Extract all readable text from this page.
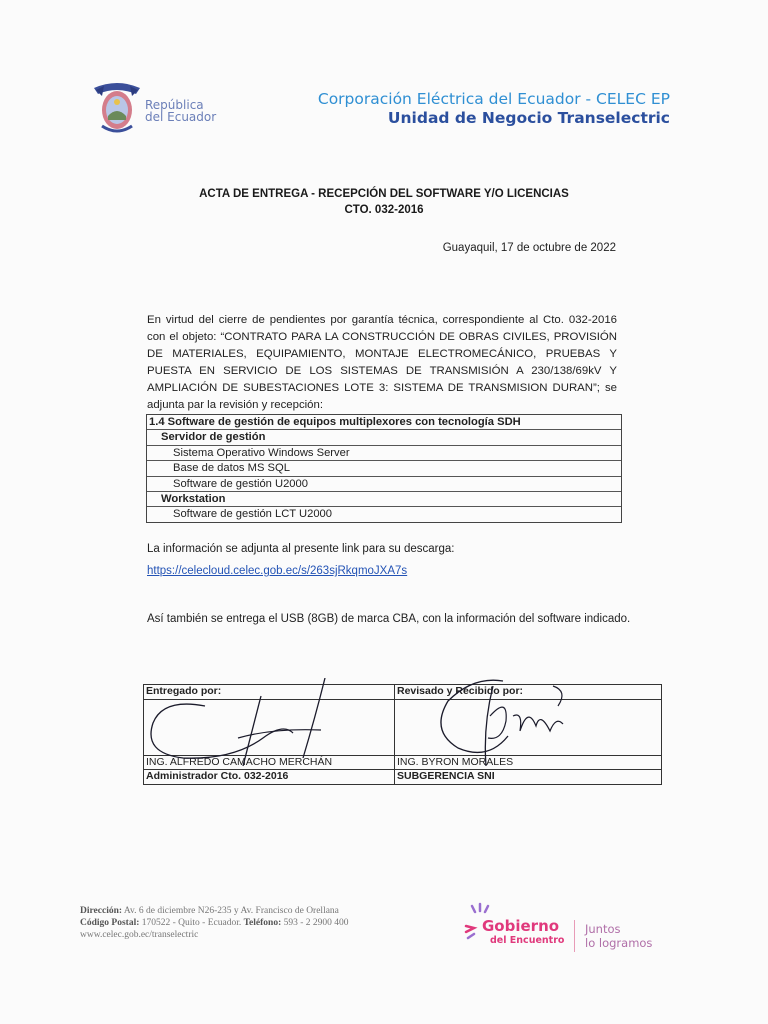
República
del Ecuador
Corporación Eléctrica del Ecuador - CELEC EP
Unidad de Negocio Transelectric
ACTA DE ENTREGA - RECEPCIÓN DEL SOFTWARE Y/O LICENCIAS
CTO. 032-2016
Guayaquil, 17 de octubre de 2022
En virtud del cierre de pendientes por garantía técnica, correspondiente al Cto. 032-2016 con el objeto: “CONTRATO PARA LA CONSTRUCCIÓN DE OBRAS CIVILES, PROVISIÓN DE MATERIALES, EQUIPAMIENTO, MONTAJE ELECTROMECÁNICO, PRUEBAS Y PUESTA EN SERVICIO DE LOS SISTEMAS DE TRANSMISIÓN A 230/138/69kV Y AMPLIACIÓN DE SUBESTACIONES LOTE 3: SISTEMA DE TRANSMISION DURAN”; se adjunta par la revisión y recepción:
1.4 Software de gestión de equipos multiplexores con tecnología SDH
Servidor de gestión
Sistema Operativo Windows Server
Base de datos MS SQL
Software de gestión U2000
Workstation
Software de gestión LCT U2000
La información se adjunta al presente link para su descarga:
https://celecloud.celec.gob.ec/s/263sjRkqmoJXA7s
Así también se entrega el USB (8GB) de marca CBA, con la información del software indicado.
Entregado por:	Revisado y Recibido por:
ING. ALFREDO CAMACHO MERCHÁN	ING. BYRON MORALES
Administrador Cto. 032-2016	SUBGERENCIA SNI
Dirección: Av. 6 de diciembre N26-235 y Av. Francisco de Orellana
Código Postal: 170522 - Quito - Ecuador. Teléfono: 593 - 2 2900 400
www.celec.gob.ec/transelectric	Gobierno
del Encuentro
Juntos
lo logramos
